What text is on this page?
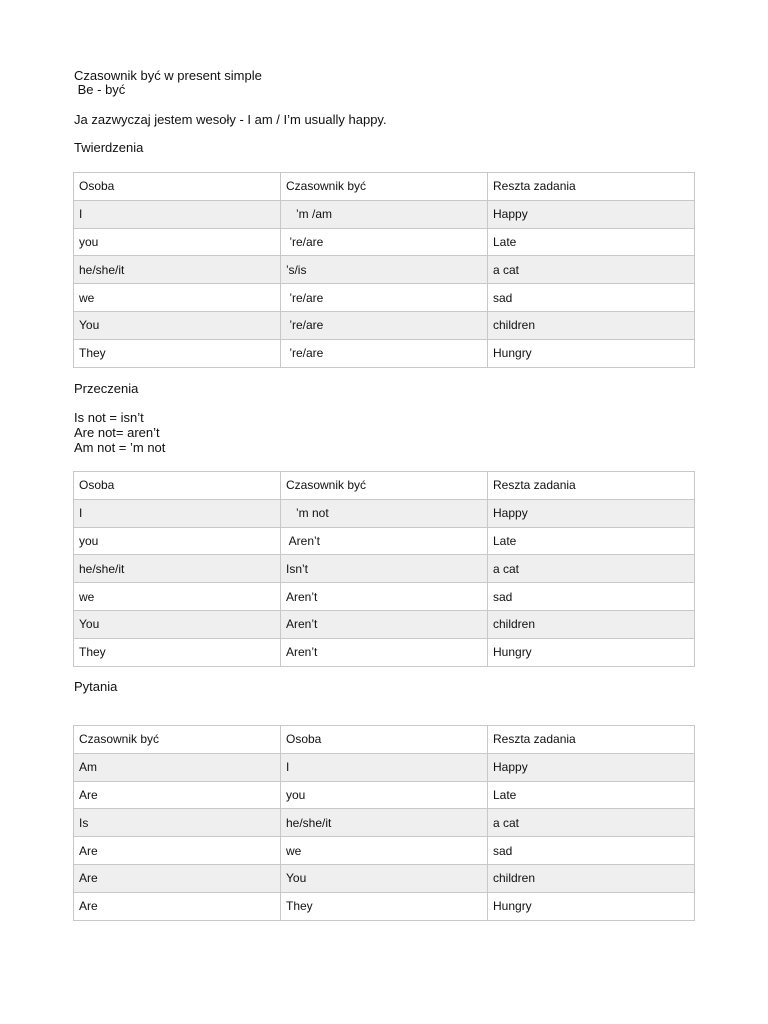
Czasownik być w present simple
Be - być
Ja zazwyczaj jestem wesoły - I am / I’m usually happy.
Twierdzenia
Osoba	Czasownik być	Reszta zadania
I	’m /am	Happy
you	’re/are	Late
he/she/it	’s/is	a cat
we	’re/are	sad
You	’re/are	children
They	’re/are	Hungry
Przeczenia
Is not = isn’t
Are not= aren’t
Am not = ’m not
Osoba	Czasownik być	Reszta zadania
I	’m not	Happy
you	Aren’t	Late
he/she/it	Isn’t	a cat
we	Aren’t	sad
You	Aren’t	children
They	Aren’t	Hungry
Pytania
Czasownik być	Osoba	Reszta zadania
Am	I	Happy
Are	you	Late
Is	he/she/it	a cat
Are	we	sad
Are	You	children
Are	They	Hungry
